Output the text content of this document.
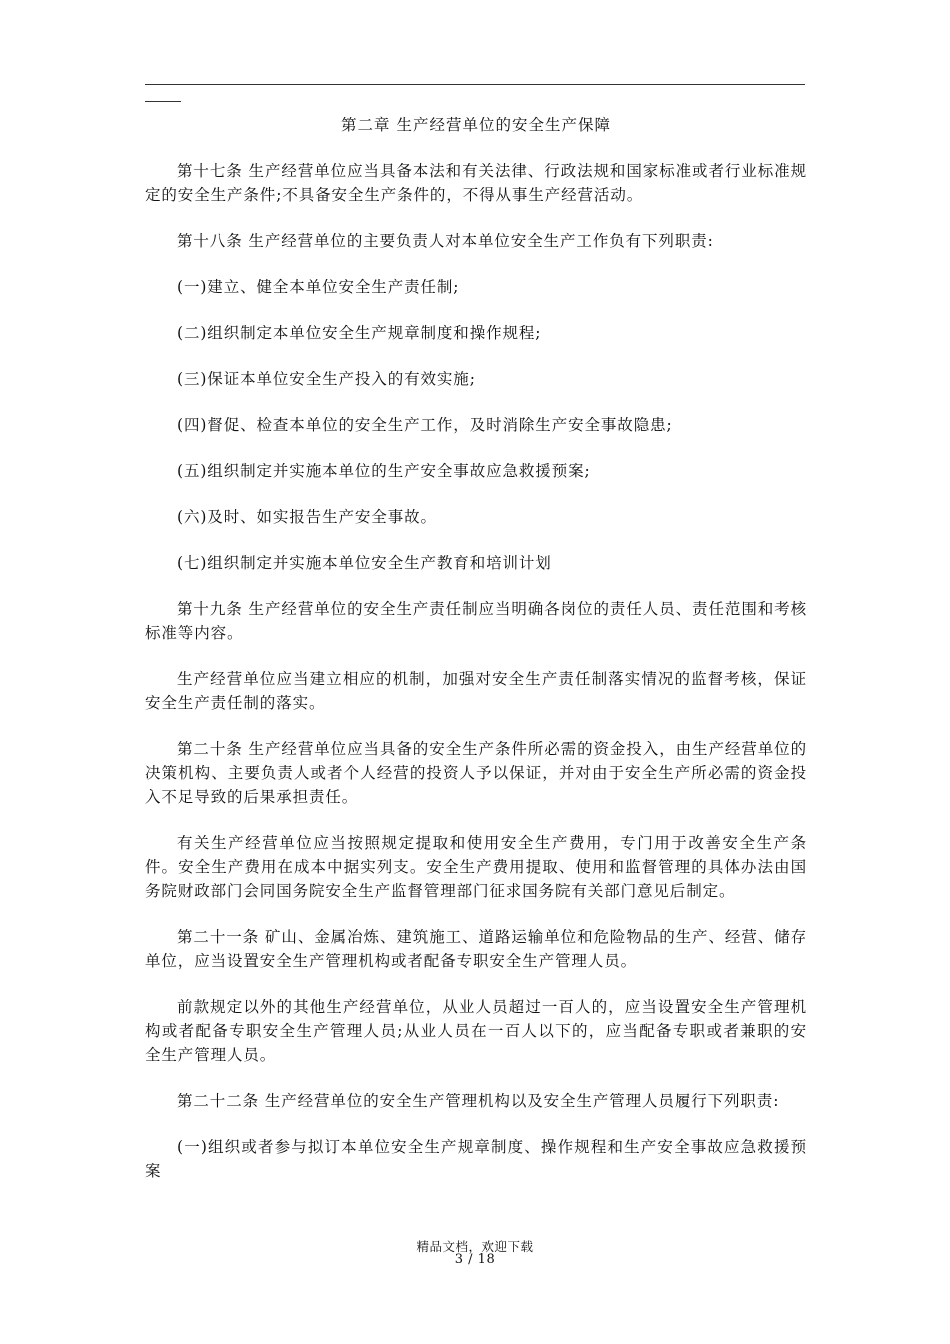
第二章 生产经营单位的安全生产保障

第十七条 生产经营单位应当具备本法和有关法律、行政法规和国家标准或者行业标准规定的安全生产条件;不具备安全生产条件的，不得从事生产经营活动。

第十八条 生产经营单位的主要负责人对本单位安全生产工作负有下列职责:

(一)建立、健全本单位安全生产责任制;

(二)组织制定本单位安全生产规章制度和操作规程;

(三)保证本单位安全生产投入的有效实施;

(四)督促、检查本单位的安全生产工作，及时消除生产安全事故隐患;

(五)组织制定并实施本单位的生产安全事故应急救援预案;

(六)及时、如实报告生产安全事故。

(七)组织制定并实施本单位安全生产教育和培训计划

第十九条 生产经营单位的安全生产责任制应当明确各岗位的责任人员、责任范围和考核标准等内容。

生产经营单位应当建立相应的机制，加强对安全生产责任制落实情况的监督考核，保证安全生产责任制的落实。

第二十条 生产经营单位应当具备的安全生产条件所必需的资金投入，由生产经营单位的决策机构、主要负责人或者个人经营的投资人予以保证，并对由于安全生产所必需的资金投入不足导致的后果承担责任。

有关生产经营单位应当按照规定提取和使用安全生产费用，专门用于改善安全生产条件。安全生产费用在成本中据实列支。安全生产费用提取、使用和监督管理的具体办法由国务院财政部门会同国务院安全生产监督管理部门征求国务院有关部门意见后制定。

第二十一条 矿山、金属冶炼、建筑施工、道路运输单位和危险物品的生产、经营、储存单位，应当设置安全生产管理机构或者配备专职安全生产管理人员。

前款规定以外的其他生产经营单位，从业人员超过一百人的，应当设置安全生产管理机构或者配备专职安全生产管理人员;从业人员在一百人以下的，应当配备专职或者兼职的安全生产管理人员。

第二十二条 生产经营单位的安全生产管理机构以及安全生产管理人员履行下列职责:

(一)组织或者参与拟订本单位安全生产规章制度、操作规程和生产安全事故应急救援预案

精品文档，欢迎下载
3 / 18
